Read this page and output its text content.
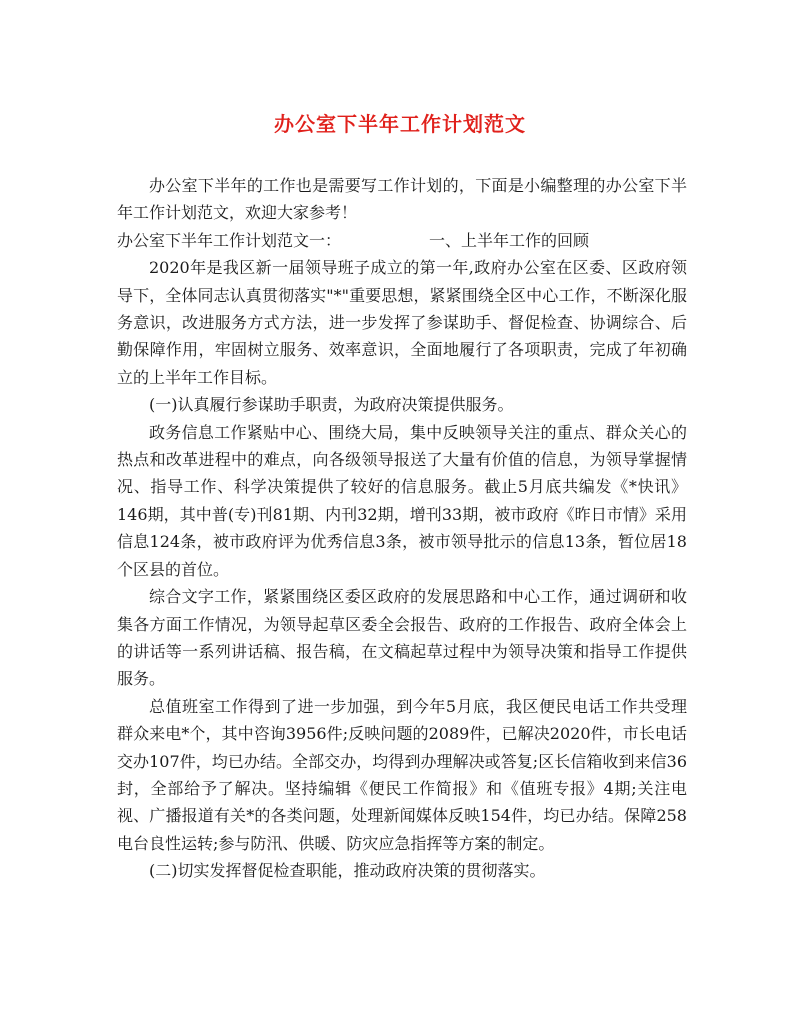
办公室下半年工作计划范文

办公室下半年的工作也是需要写工作计划的，下面是小编整理的办公室下半年工作计划范文，欢迎大家参考！

办公室下半年工作计划范文一：	一、上半年工作的回顾

2020年是我区新一届领导班子成立的第一年,政府办公室在区委、区政府领导下，全体同志认真贯彻落实"*"重要思想，紧紧围绕全区中心工作，不断深化服务意识，改进服务方式方法，进一步发挥了参谋助手、督促检查、协调综合、后勤保障作用，牢固树立服务、效率意识，全面地履行了各项职责，完成了年初确立的上半年工作目标。

(一)认真履行参谋助手职责，为政府决策提供服务。

政务信息工作紧贴中心、围绕大局，集中反映领导关注的重点、群众关心的热点和改革进程中的难点，向各级领导报送了大量有价值的信息，为领导掌握情况、指导工作、科学决策提供了较好的信息服务。截止5月底共编发《*快讯》146期，其中普(专)刊81期、内刊32期，增刊33期，被市政府《昨日市情》采用信息124条，被市政府评为优秀信息3条，被市领导批示的信息13条，暂位居18个区县的首位。

综合文字工作，紧紧围绕区委区政府的发展思路和中心工作，通过调研和收集各方面工作情况，为领导起草区委全会报告、政府的工作报告、政府全体会上的讲话等一系列讲话稿、报告稿，在文稿起草过程中为领导决策和指导工作提供服务。

总值班室工作得到了进一步加强，到今年5月底，我区便民电话工作共受理群众来电*个，其中咨询3956件;反映问题的2089件，已解决2020件，市长电话交办107件，均已办结。全部交办，均得到办理解决或答复;区长信箱收到来信36封，全部给予了解决。坚持编辑《便民工作简报》和《值班专报》4期;关注电视、广播报道有关*的各类问题，处理新闻媒体反映154件，均已办结。保障258电台良性运转;参与防汛、供暖、防灾应急指挥等方案的制定。

(二)切实发挥督促检查职能，推动政府决策的贯彻落实。
